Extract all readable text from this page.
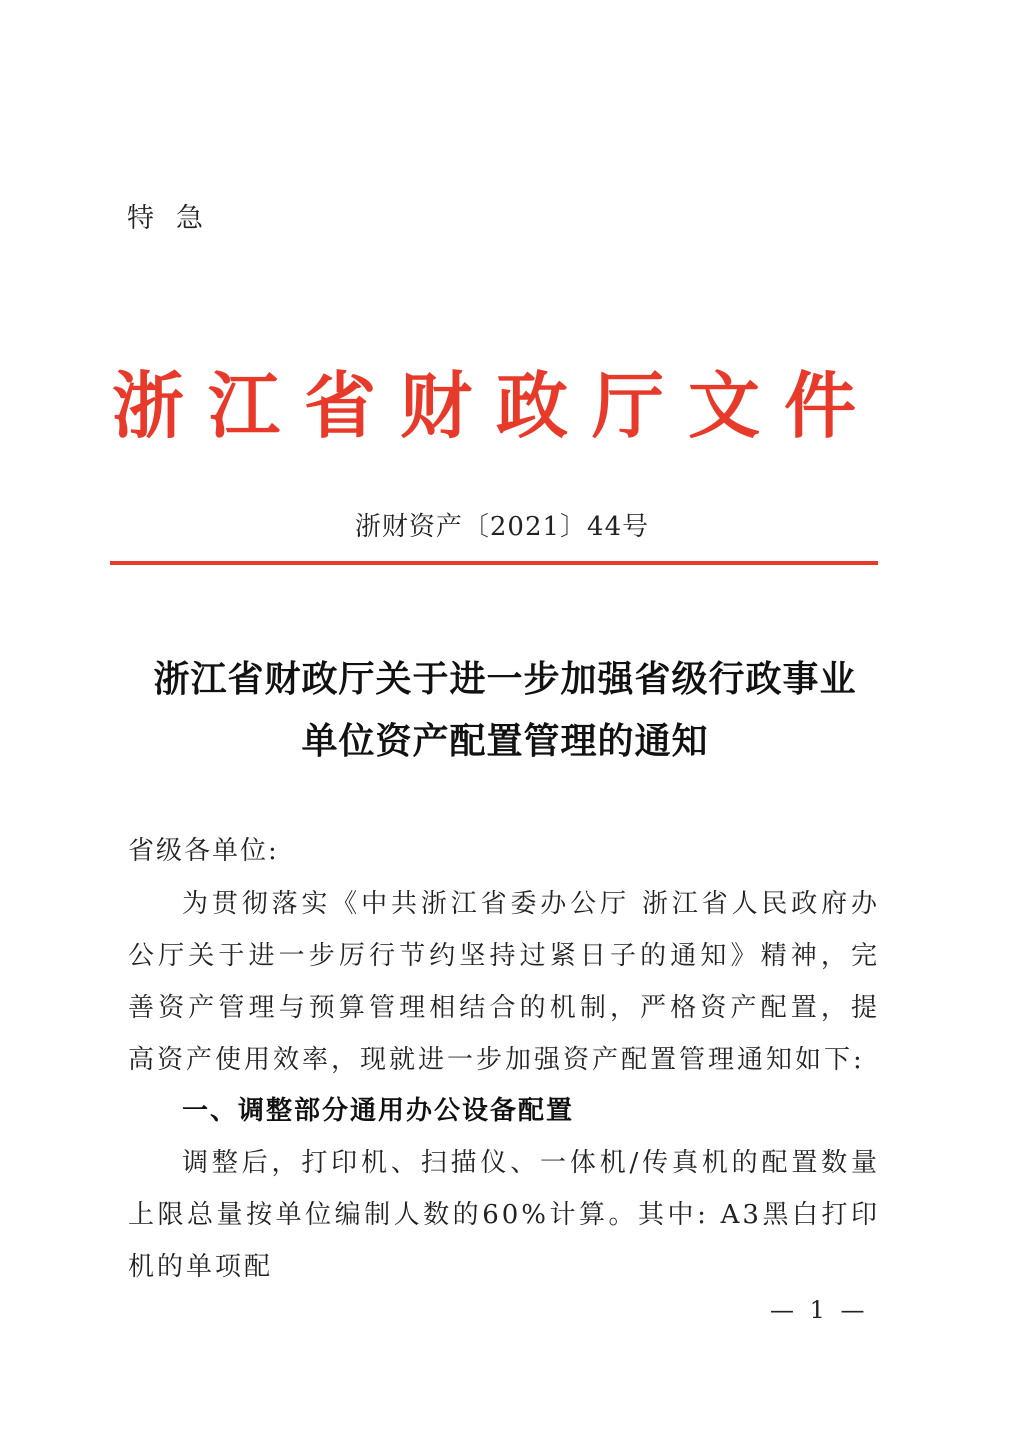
特急
浙江省财政厅文件
浙财资产〔2021〕44号
浙江省财政厅关于进一步加强省级行政事业
单位资产配置管理的通知
省级各单位:
为贯彻落实《中共浙江省委办公厅 浙江省人民政府办公厅关于进一步厉行节约坚持过紧日子的通知》精神，完善资产管理与预算管理相结合的机制，严格资产配置，提高资产使用效率，现就进一步加强资产配置管理通知如下:
一、调整部分通用办公设备配置
调整后，打印机、扫描仪、一体机/传真机的配置数量上限总量按单位编制人数的60%计算。其中: A3黑白打印机的单项配
— 1 —
